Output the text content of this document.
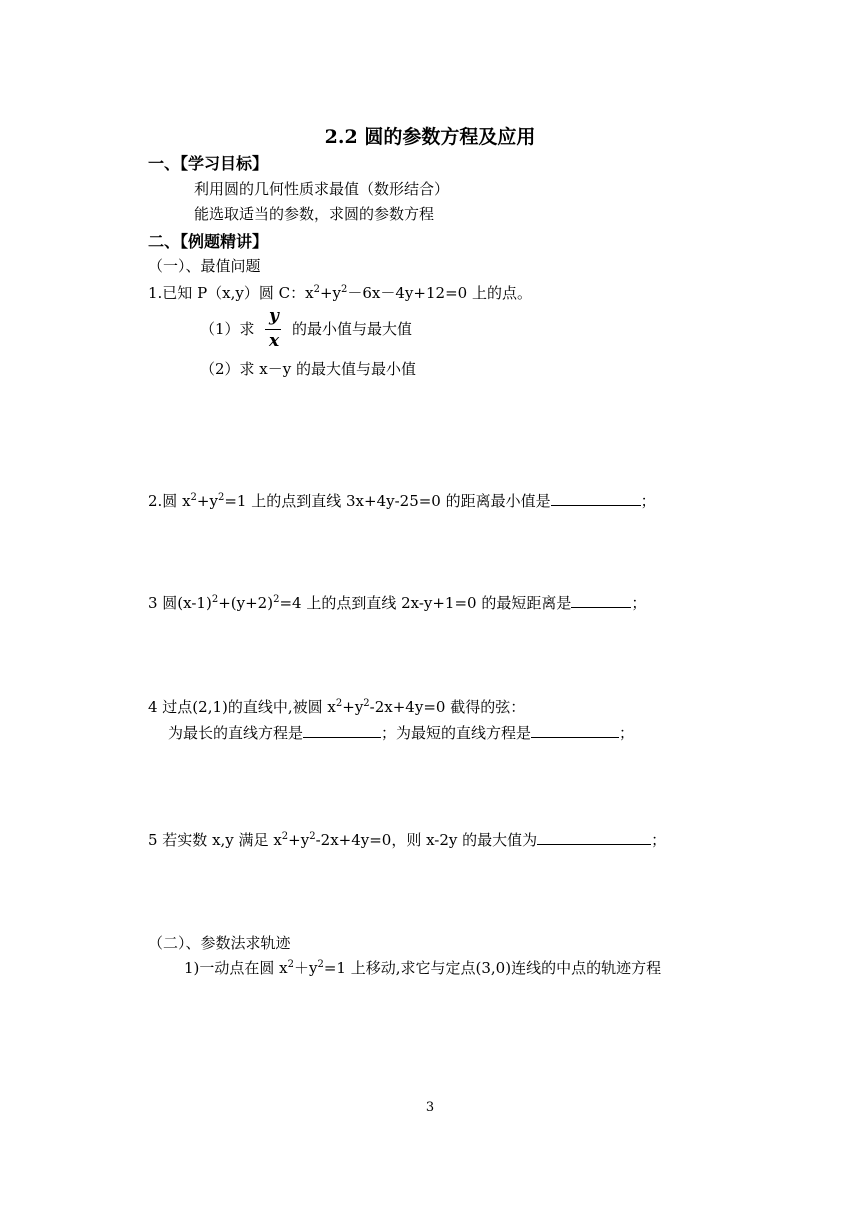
2.2 圆的参数方程及应用
一、【学习目标】
利用圆的几何性质求最值（数形结合）
能选取适当的参数，求圆的参数方程
二、【例题精讲】
（一）、最值问题
1.已知 P（x,y）圆 C：$x^2+y^2-6x-4y+12=0$ 上的点。
（1）求
y
x
的最小值与最大值
（2）求 x－y 的最大值与最小值
2.圆 $x^2+y^2=1$ 上的点到直线 3x+4y-25=0 的距离最小值是	；
3 圆$(x-1)^2+(y+2)^2=4$ 上的点到直线 2x-y+1=0 的最短距离是	；
4 过点(2,1)的直线中,被圆 $x^2+y^2-2x+4y=0$ 截得的弦：
为最长的直线方程是	；为最短的直线方程是	；
5 若实数 x,y 满足 $x^2+y^2-2x+4y=0$，则 x-2y 的最大值为	；
（二）、参数法求轨迹
1)一动点在圆 $x^2+y^2=1$ 上移动,求它与定点(3,0)连线的中点的轨迹方程
3
